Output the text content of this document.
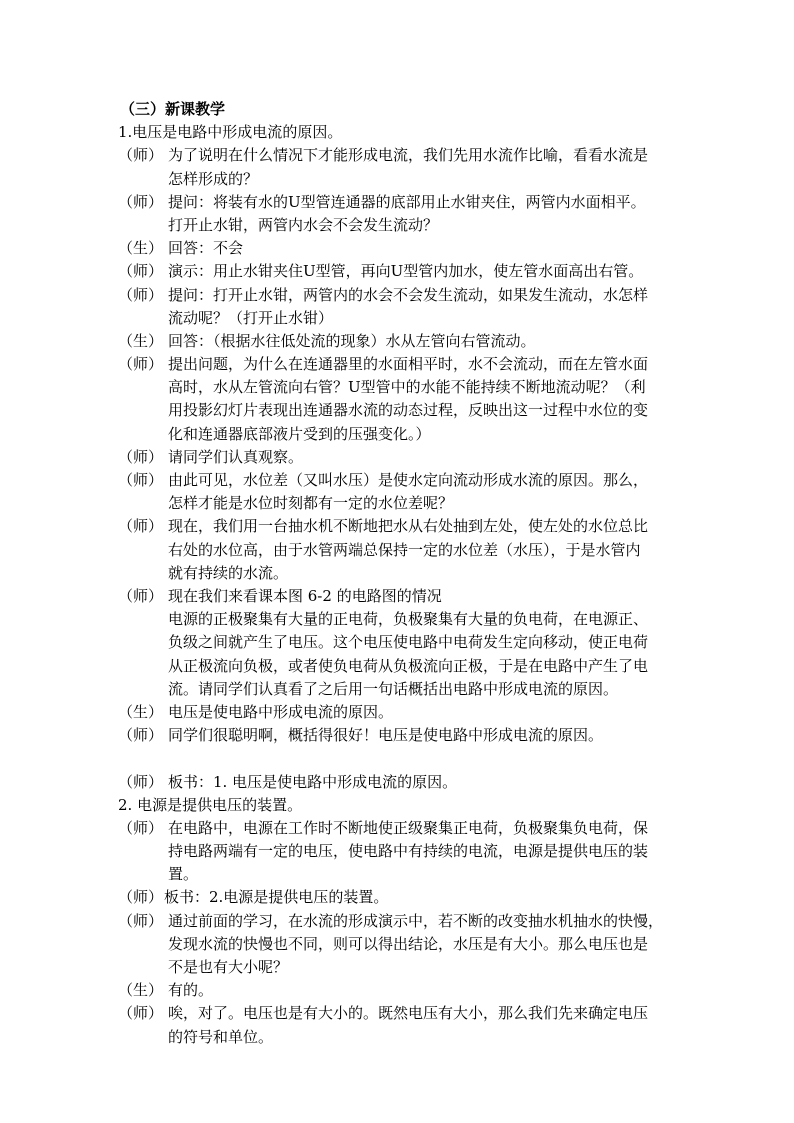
（三）新课教学
1.电压是电路中形成电流的原因。
（师） 为了说明在什么情况下才能形成电流，我们先用水流作比喻，看看水流是
怎样形成的？
（师） 提问：将装有水的U型管连通器的底部用止水钳夹住，两管内水面相平。
打开止水钳，两管内水会不会发生流动？
（生） 回答：不会
（师） 演示：用止水钳夹住U型管，再向U型管内加水，使左管水面高出右管。
（师） 提问：打开止水钳，两管内的水会不会发生流动，如果发生流动，水怎样
流动呢？（打开止水钳）
（生） 回答：（根据水往低处流的现象）水从左管向右管流动。
（师） 提出问题，为什么在连通器里的水面相平时，水不会流动，而在左管水面
高时，水从左管流向右管？U型管中的水能不能持续不断地流动呢？（利
用投影幻灯片表现出连通器水流的动态过程，反映出这一过程中水位的变
化和连通器底部液片受到的压强变化。）
（师） 请同学们认真观察。
（师） 由此可见，水位差（又叫水压）是使水定向流动形成水流的原因。那么，
怎样才能是水位时刻都有一定的水位差呢？
（师） 现在，我们用一台抽水机不断地把水从右处抽到左处，使左处的水位总比
右处的水位高，由于水管两端总保持一定的水位差（水压），于是水管内
就有持续的水流。
（师） 现在我们来看课本图 6-2 的电路图的情况
电源的正极聚集有大量的正电荷，负极聚集有大量的负电荷，在电源正、
负级之间就产生了电压。这个电压使电路中电荷发生定向移动，使正电荷
从正极流向负极，或者使负电荷从负极流向正极，于是在电路中产生了电
流。请同学们认真看了之后用一句话概括出电路中形成电流的原因。
（生） 电压是使电路中形成电流的原因。
（师） 同学们很聪明啊，概括得很好！电压是使电路中形成电流的原因。
（师） 板书：1. 电压是使电路中形成电流的原因。
2. 电源是提供电压的装置。
（师） 在电路中，电源在工作时不断地使正级聚集正电荷，负极聚集负电荷，保
持电路两端有一定的电压，使电路中有持续的电流，电源是提供电压的装
置。
（师） 板书：2.电源是提供电压的装置。
（师） 通过前面的学习，在水流的形成演示中，若不断的改变抽水机抽水的快慢，
发现水流的快慢也不同，则可以得出结论，水压是有大小。那么电压也是
不是也有大小呢？
（生） 有的。
（师） 唉，对了。电压也是有大小的。既然电压有大小，那么我们先来确定电压
的符号和单位。
